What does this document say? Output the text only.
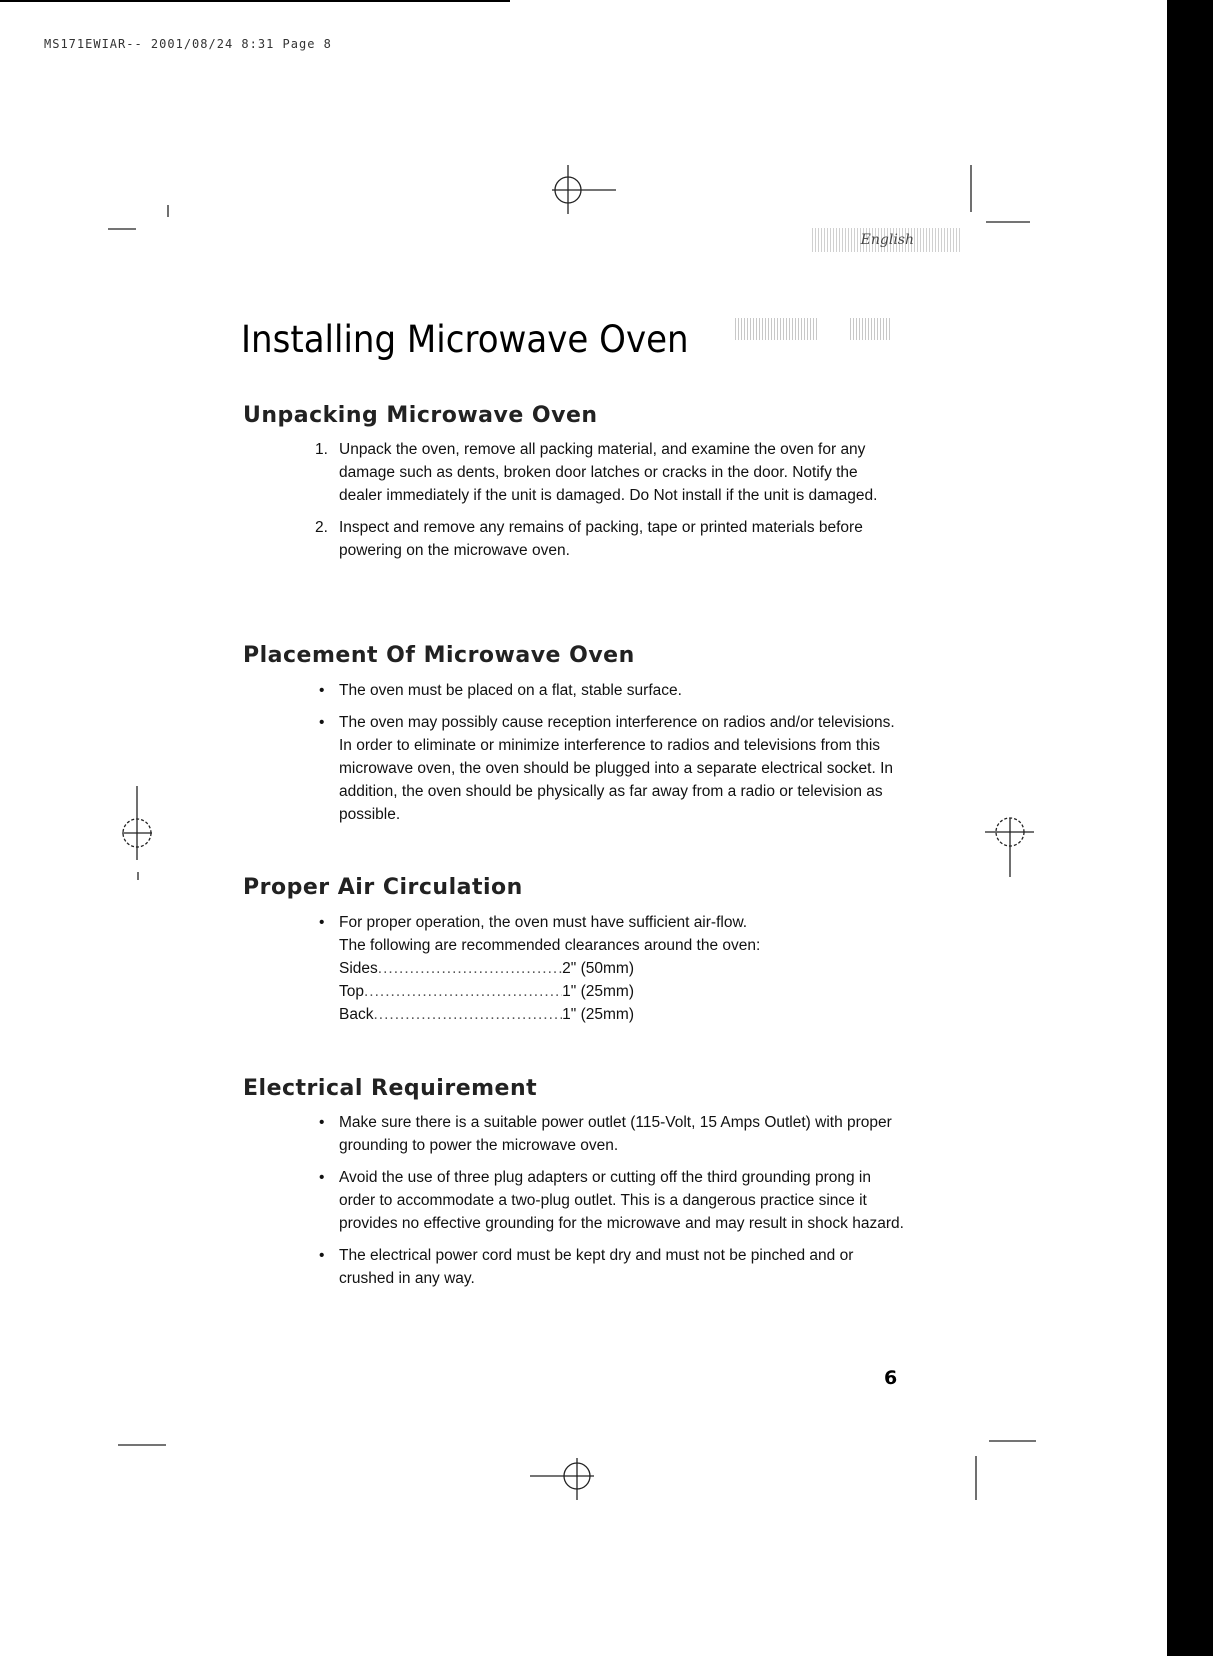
MS171EWIAR-- 2001/08/24 8:31 Page 8
English
Installing Microwave Oven
Unpacking Microwave Oven
1. Unpack the oven, remove all packing material, and examine the oven for any damage such as dents, broken door latches or cracks in the door. Notify the dealer immediately if the unit is damaged. Do Not install if the unit is damaged.
2. Inspect and remove any remains of packing, tape or printed materials before powering on the microwave oven.
Placement Of Microwave Oven
• The oven must be placed on a flat, stable surface.
• The oven may possibly cause reception interference on radios and/or televisions. In order to eliminate or minimize interference to radios and televisions from this microwave oven, the oven should be plugged into a separate electrical socket. In addition, the oven should be physically as far away from a radio or television as possible.
Proper Air Circulation
• For proper operation, the oven must have sufficient air-flow.
The following are recommended clearances around the oven:
Sides .....	2" (50mm)
Top .....	1" (25mm)
Back .....	1" (25mm)
Electrical Requirement
• Make sure there is a suitable power outlet (115-Volt, 15 Amps Outlet) with proper grounding to power the microwave oven.
• Avoid the use of three plug adapters or cutting off the third grounding prong in order to accommodate a two-plug outlet. This is a dangerous practice since it provides no effective grounding for the microwave and may result in shock hazard.
• The electrical power cord must be kept dry and must not be pinched and or crushed in any way.
6
